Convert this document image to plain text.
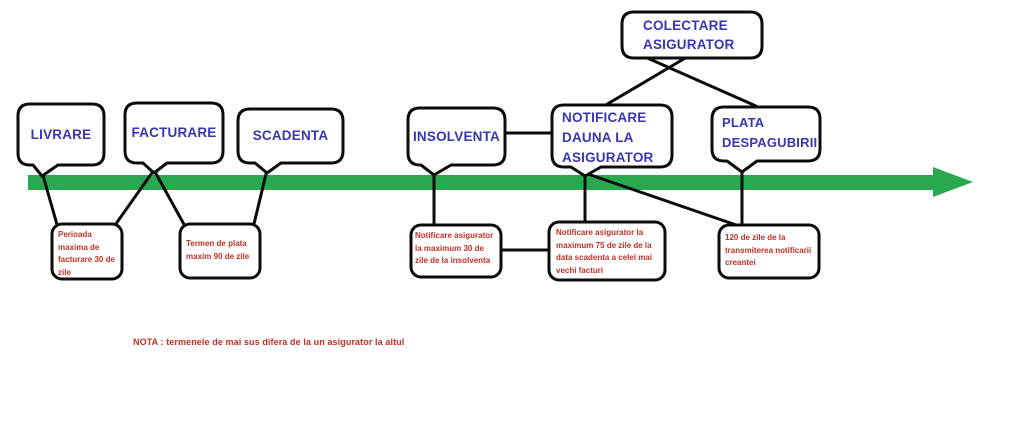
LIVRARE	FACTURARE	SCADENTA	INSOLVENTA
NOTIFICARE DAUNA LA ASIGURATOR
PLATA DESPAGUBIRII
COLECTARE ASIGURATOR
Perioada maxima de facturare 30 de zile
Termen de plata maxim 90 de zile
Notificare asigurator la maximum 30 de zile de la insolventa
Notificare asigurator la maximum 75 de zile de la data scadenta a celei mai vechi facturi
120 de zile de la transmiterea notificarii creantei
NOTA : termenele de mai sus difera de la un asigurator la altul
